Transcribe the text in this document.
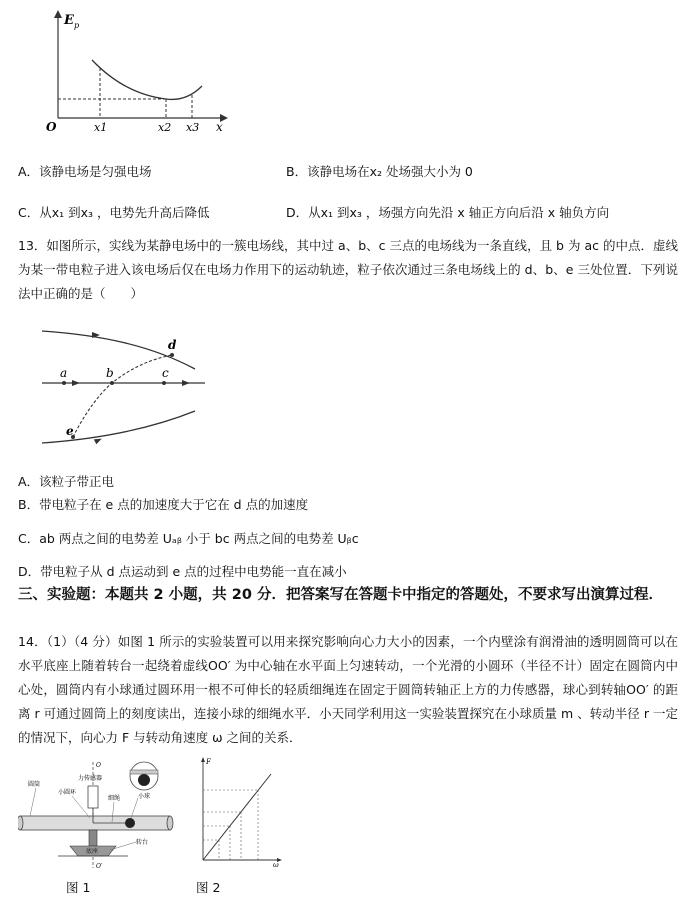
E p
O	x
x1	x2 x3
A．该静电场是匀强电场	B．该静电场在x₂ 处场强大小为 0
C．从x₁ 到x₃ ，电势先升高后降低	D．从x₁ 到x₃ ，场强方向先沿 x 轴正方向后沿 x 轴负方向
13．如图所示，实线为某静电场中的一簇电场线，其中过 a、b、c 三点的电场线为一条直线，且 b 为 ac 的中点．虚线为某一带电粒子进入该电场后仅在电场力作用下的运动轨迹，粒子依次通过三条电场线上的 d、b、e 三处位置．下列说法中正确的是（　　）
a	b	c
d
e
A．该粒子带正电
B．带电粒子在 e 点的加速度大于它在 d 点的加速度
C．ab 两点之间的电势差 Uₐᵦ 小于 bc 两点之间的电势差 Uᵦc
D．带电粒子从 d 点运动到 e 点的过程中电势能一直在减小
三、实验题：本题共 2 小题，共 20 分．把答案写在答题卡中指定的答题处，不要求写出演算过程．
14．（1）（4 分）如图 1 所示的实验装置可以用来探究影响向心力大小的因素，一个内壁涂有润滑油的透明圆筒可以在水平底座上随着转台一起绕着虚线OO′ 为中心轴在水平面上匀速转动，一个光滑的小圆环（半径不计）固定在圆筒内中心处，圆筒内有小球通过圆环用一根不可伸长的轻质细绳连在固定于圆筒转轴正上方的力传感器，球心到转轴OO′ 的距离 r 可通过圆筒上的刻度读出，连接小球的细绳水平．小天同学利用这一实验装置探究在小球质量 m 、转动半径 r 一定的情况下，向心力 F 与转动角速度 ω 之间的关系．
圆筒
小圆环
力传感器
细绳	小球
转台
底座
O
O′
F
ω
图 1	图 2
